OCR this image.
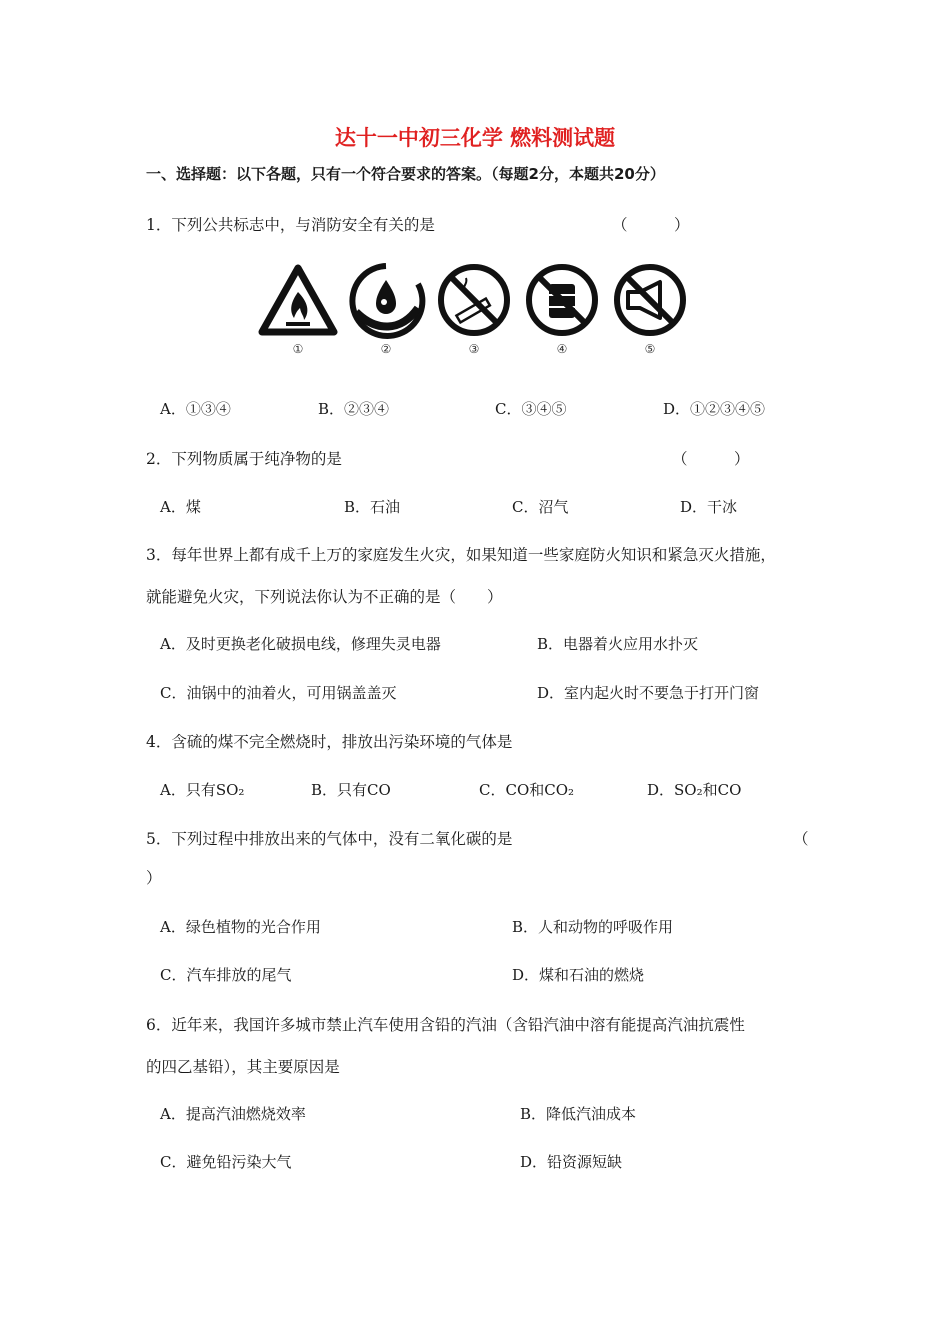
达十一中初三化学 燃料测试题
一、选择题：以下各题，只有一个符合要求的答案。（每题2分，本题共20分）
1．下列公共标志中，与消防安全有关的是	（　　　）
①	②	③	④	⑤
A．①③④	B．②③④	C．③④⑤	D．①②③④⑤
2．下列物质属于纯净物的是	（　　　）
A．煤	B．石油	C．沼气	D．干冰
3．每年世界上都有成千上万的家庭发生火灾，如果知道一些家庭防火知识和紧急灭火措施，
就能避免火灾，下列说法你认为不正确的是（　　）
A．及时更换老化破损电线，修理失灵电器	B．电器着火应用水扑灭
C．油锅中的油着火，可用锅盖盖灭	D．室内起火时不要急于打开门窗
4．含硫的煤不完全燃烧时，排放出污染环境的气体是
A．只有SO₂	B．只有CO	C．CO和CO₂	D．SO₂和CO
5．下列过程中排放出来的气体中，没有二氧化碳的是	（
）
A．绿色植物的光合作用	B．人和动物的呼吸作用
C．汽车排放的尾气	D．煤和石油的燃烧
6．近年来，我国许多城市禁止汽车使用含铅的汽油（含铅汽油中溶有能提高汽油抗震性
的四乙基铅），其主要原因是
A．提高汽油燃烧效率	B．降低汽油成本
C．避免铅污染大气	D．铅资源短缺
